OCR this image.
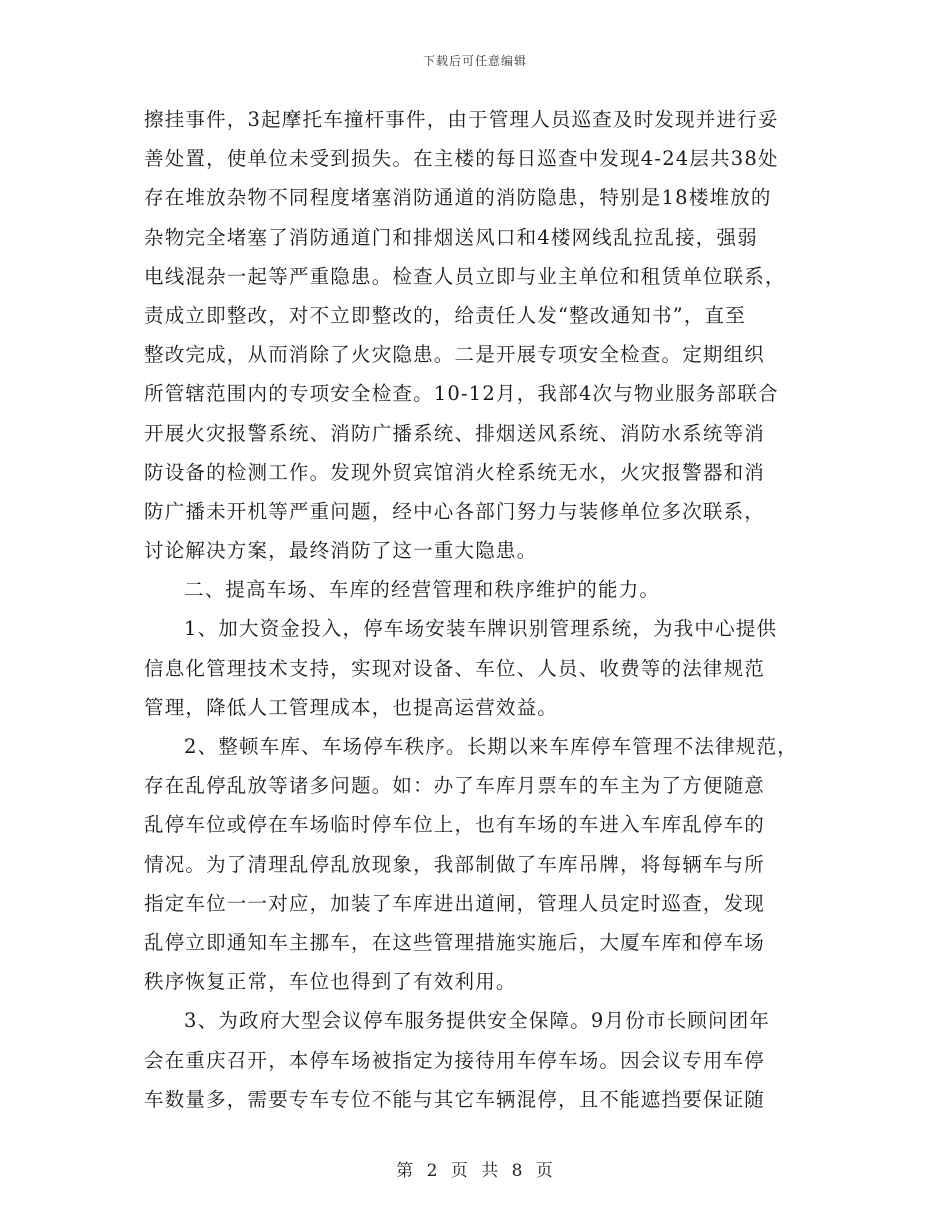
下载后可任意编辑
擦挂事件，3起摩托车撞杆事件，由于管理人员巡查及时发现并进行妥
善处置，使单位未受到损失。在主楼的每日巡查中发现4-24层共38处
存在堆放杂物不同程度堵塞消防通道的消防隐患，特别是18楼堆放的
杂物完全堵塞了消防通道门和排烟送风口和4楼网线乱拉乱接，强弱
电线混杂一起等严重隐患。检查人员立即与业主单位和租赁单位联系，
责成立即整改，对不立即整改的，给责任人发“整改通知书”，直至
整改完成，从而消除了火灾隐患。二是开展专项安全检查。定期组织
所管辖范围内的专项安全检查。10-12月，我部4次与物业服务部联合
开展火灾报警系统、消防广播系统、排烟送风系统、消防水系统等消
防设备的检测工作。发现外贸宾馆消火栓系统无水，火灾报警器和消
防广播未开机等严重问题，经中心各部门努力与装修单位多次联系，
讨论解决方案，最终消防了这一重大隐患。
二、提高车场、车库的经营管理和秩序维护的能力。
1、加大资金投入，停车场安装车牌识别管理系统，为我中心提供
信息化管理技术支持，实现对设备、车位、人员、收费等的法律规范
管理，降低人工管理成本，也提高运营效益。
2、整顿车库、车场停车秩序。长期以来车库停车管理不法律规范，
存在乱停乱放等诸多问题。如：办了车库月票车的车主为了方便随意
乱停车位或停在车场临时停车位上，也有车场的车进入车库乱停车的
情况。为了清理乱停乱放现象，我部制做了车库吊牌，将每辆车与所
指定车位一一对应，加装了车库进出道闸，管理人员定时巡查，发现
乱停立即通知车主挪车，在这些管理措施实施后，大厦车库和停车场
秩序恢复正常，车位也得到了有效利用。
3、为政府大型会议停车服务提供安全保障。9月份市长顾问团年
会在重庆召开，本停车场被指定为接待用车停车场。因会议专用车停
车数量多，需要专车专位不能与其它车辆混停，且不能遮挡要保证随
第 2 页 共 8 页
